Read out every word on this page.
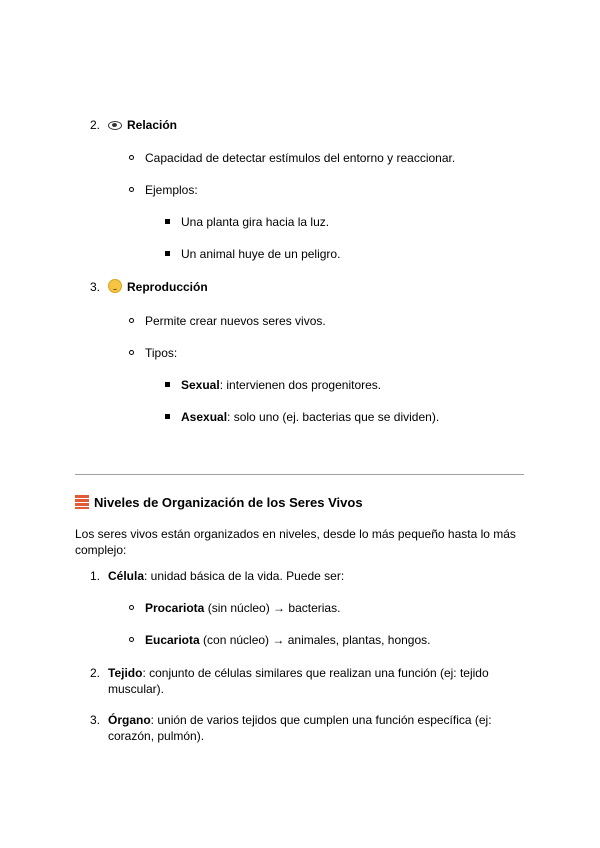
2.	Relación
Capacidad de detectar estímulos del entorno y reaccionar.
Ejemplos:
Una planta gira hacia la luz.
Un animal huye de un peligro.
3.	Reproducción
Permite crear nuevos seres vivos.
Tipos:
Sexual: intervienen dos progenitores.
Asexual: solo uno (ej. bacterias que se dividen).
Niveles de Organización de los Seres Vivos
Los seres vivos están organizados en niveles, desde lo más pequeño hasta lo más
complejo:
1. Célula: unidad básica de la vida. Puede ser:
Procariota (sin núcleo) → bacterias.
Eucariota (con núcleo) → animales, plantas, hongos.
2. Tejido: conjunto de células similares que realizan una función (ej: tejido
muscular).
3. Órgano: unión de varios tejidos que cumplen una función específica (ej:
corazón, pulmón).
